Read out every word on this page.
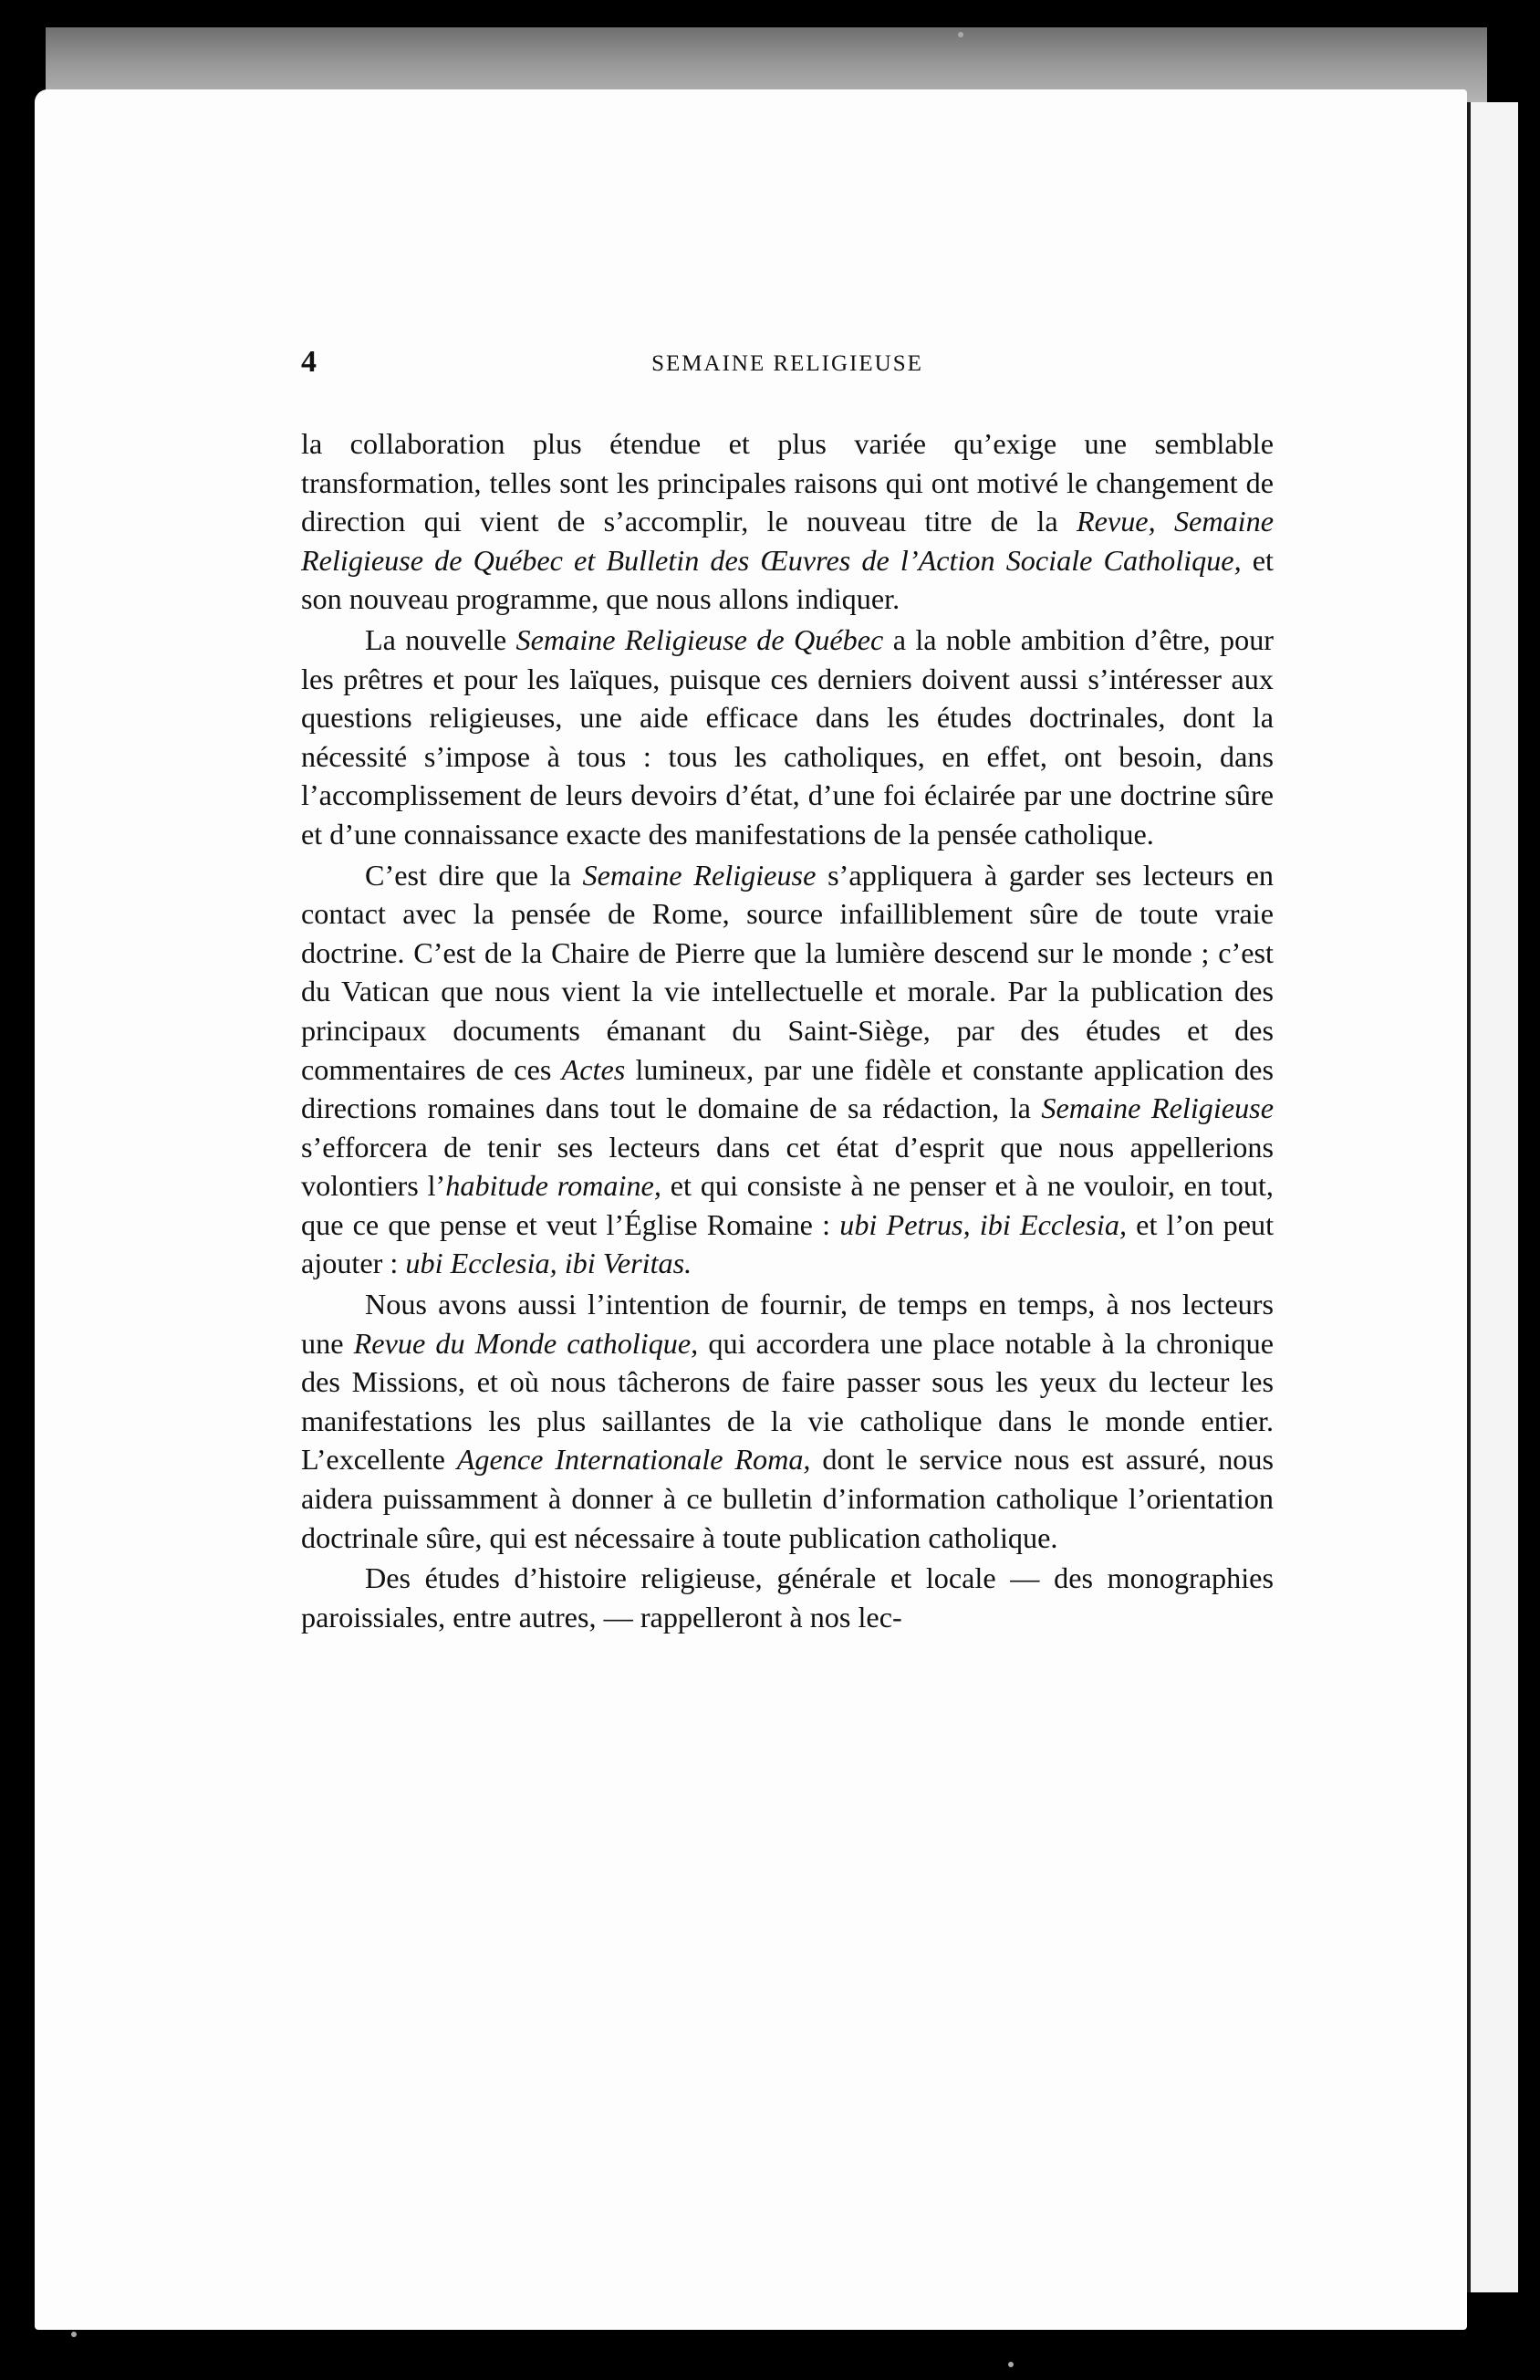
4	SEMAINE RELIGIEUSE

la collaboration plus étendue et plus variée qu’exige une semblable transformation, telles sont les principales raisons qui ont motivé le changement de direction qui vient de s’accomplir, le nouveau titre de la Revue, Semaine Religieuse de Québec et Bulletin des Œuvres de l’Action Sociale Catholique, et son nouveau programme, que nous allons indiquer.

La nouvelle Semaine Religieuse de Québec a la noble ambition d’être, pour les prêtres et pour les laïques, puisque ces derniers doivent aussi s’intéresser aux questions religieuses, une aide efficace dans les études doctrinales, dont la nécessité s’impose à tous : tous les catholiques, en effet, ont besoin, dans l’accomplissement de leurs devoirs d’état, d’une foi éclairée par une doctrine sûre et d’une connaissance exacte des manifestations de la pensée catholique.

C’est dire que la Semaine Religieuse s’appliquera à garder ses lecteurs en contact avec la pensée de Rome, source infailliblement sûre de toute vraie doctrine. C’est de la Chaire de Pierre que la lumière descend sur le monde ; c’est du Vatican que nous vient la vie intellectuelle et morale. Par la publication des principaux documents émanant du Saint-Siège, par des études et des commentaires de ces Actes lumineux, par une fidèle et constante application des directions romaines dans tout le domaine de sa rédaction, la Semaine Religieuse s’efforcera de tenir ses lecteurs dans cet état d’esprit que nous appellerions volontiers l’habitude romaine, et qui consiste à ne penser et à ne vouloir, en tout, que ce que pense et veut l’Église Romaine : ubi Petrus, ibi Ecclesia, et l’on peut ajouter : ubi Ecclesia, ibi Veritas.

Nous avons aussi l’intention de fournir, de temps en temps, à nos lecteurs une Revue du Monde catholique, qui accordera une place notable à la chronique des Missions, et où nous tâcherons de faire passer sous les yeux du lecteur les manifestations les plus saillantes de la vie catholique dans le monde entier. L’excellente Agence Internationale Roma, dont le service nous est assuré, nous aidera puissamment à donner à ce bulletin d’information catholique l’orientation doctrinale sûre, qui est nécessaire à toute publication catholique.

Des études d’histoire religieuse, générale et locale — des monographies paroissiales, entre autres, — rappelleront à nos lec-
